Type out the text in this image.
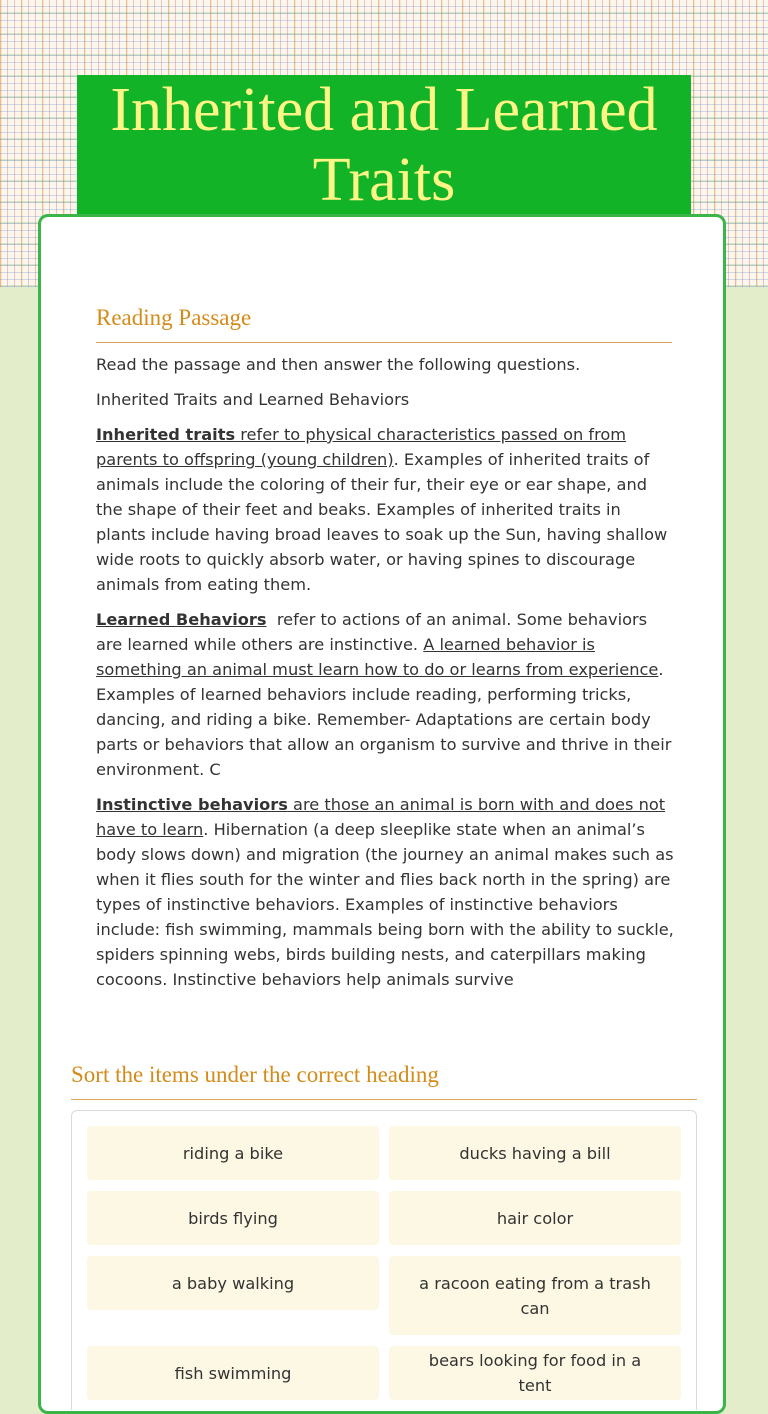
Inherited and Learned Traits
Reading Passage

Read the passage and then answer the following questions.

Inherited Traits and Learned Behaviors

Inherited traits refer to physical characteristics passed on from parents to offspring (young children). Examples of inherited traits of animals include the coloring of their fur, their eye or ear shape, and the shape of their feet and beaks. Examples of inherited traits in plants include having broad leaves to soak up the Sun, having shallow wide roots to quickly absorb water, or having spines to discourage animals from eating them.

Learned Behaviors  refer to actions of an animal. Some behaviors are learned while others are instinctive. A learned behavior is something an animal must learn how to do or learns from experience. Examples of learned behaviors include reading, performing tricks, dancing, and riding a bike. Remember- Adaptations are certain body parts or behaviors that allow an organism to survive and thrive in their environment. C

Instinctive behaviors are those an animal is born with and does not have to learn. Hibernation (a deep sleeplike state when an animal’s body slows down) and migration (the journey an animal makes such as when it flies south for the winter and flies back north in the spring) are types of instinctive behaviors. Examples of instinctive behaviors include: fish swimming, mammals being born with the ability to suckle, spiders spinning webs, birds building nests, and caterpillars making cocoons. Instinctive behaviors help animals survive

Sort the items under the correct heading
riding a bike	ducks having a bill
birds flying	hair color
a baby walking	a racoon eating from a trash can
fish swimming
bears looking for food in a tent
